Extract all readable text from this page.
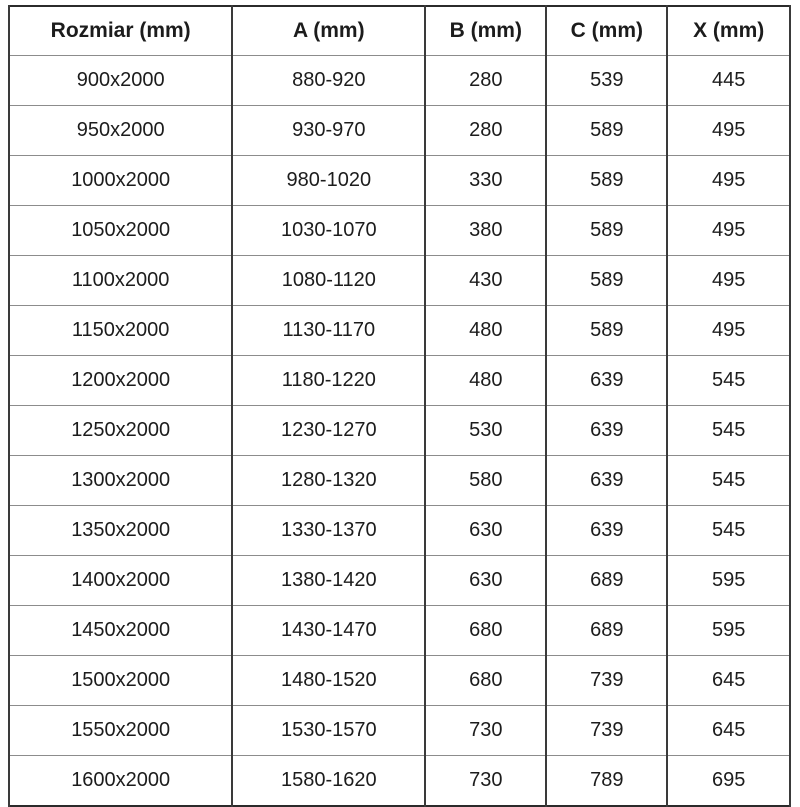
Rozmiar (mm)	A (mm)	B (mm)	C (mm)	X (mm)
900x2000	880-920	280	539	445
950x2000	930-970	280	589	495
1000x2000	980-1020	330	589	495
1050x2000	1030-1070	380	589	495
1100x2000	1080-1120	430	589	495
1150x2000	1130-1170	480	589	495
1200x2000	1180-1220	480	639	545
1250x2000	1230-1270	530	639	545
1300x2000	1280-1320	580	639	545
1350x2000	1330-1370	630	639	545
1400x2000	1380-1420	630	689	595
1450x2000	1430-1470	680	689	595
1500x2000	1480-1520	680	739	645
1550x2000	1530-1570	730	739	645
1600x2000	1580-1620	730	789	695
